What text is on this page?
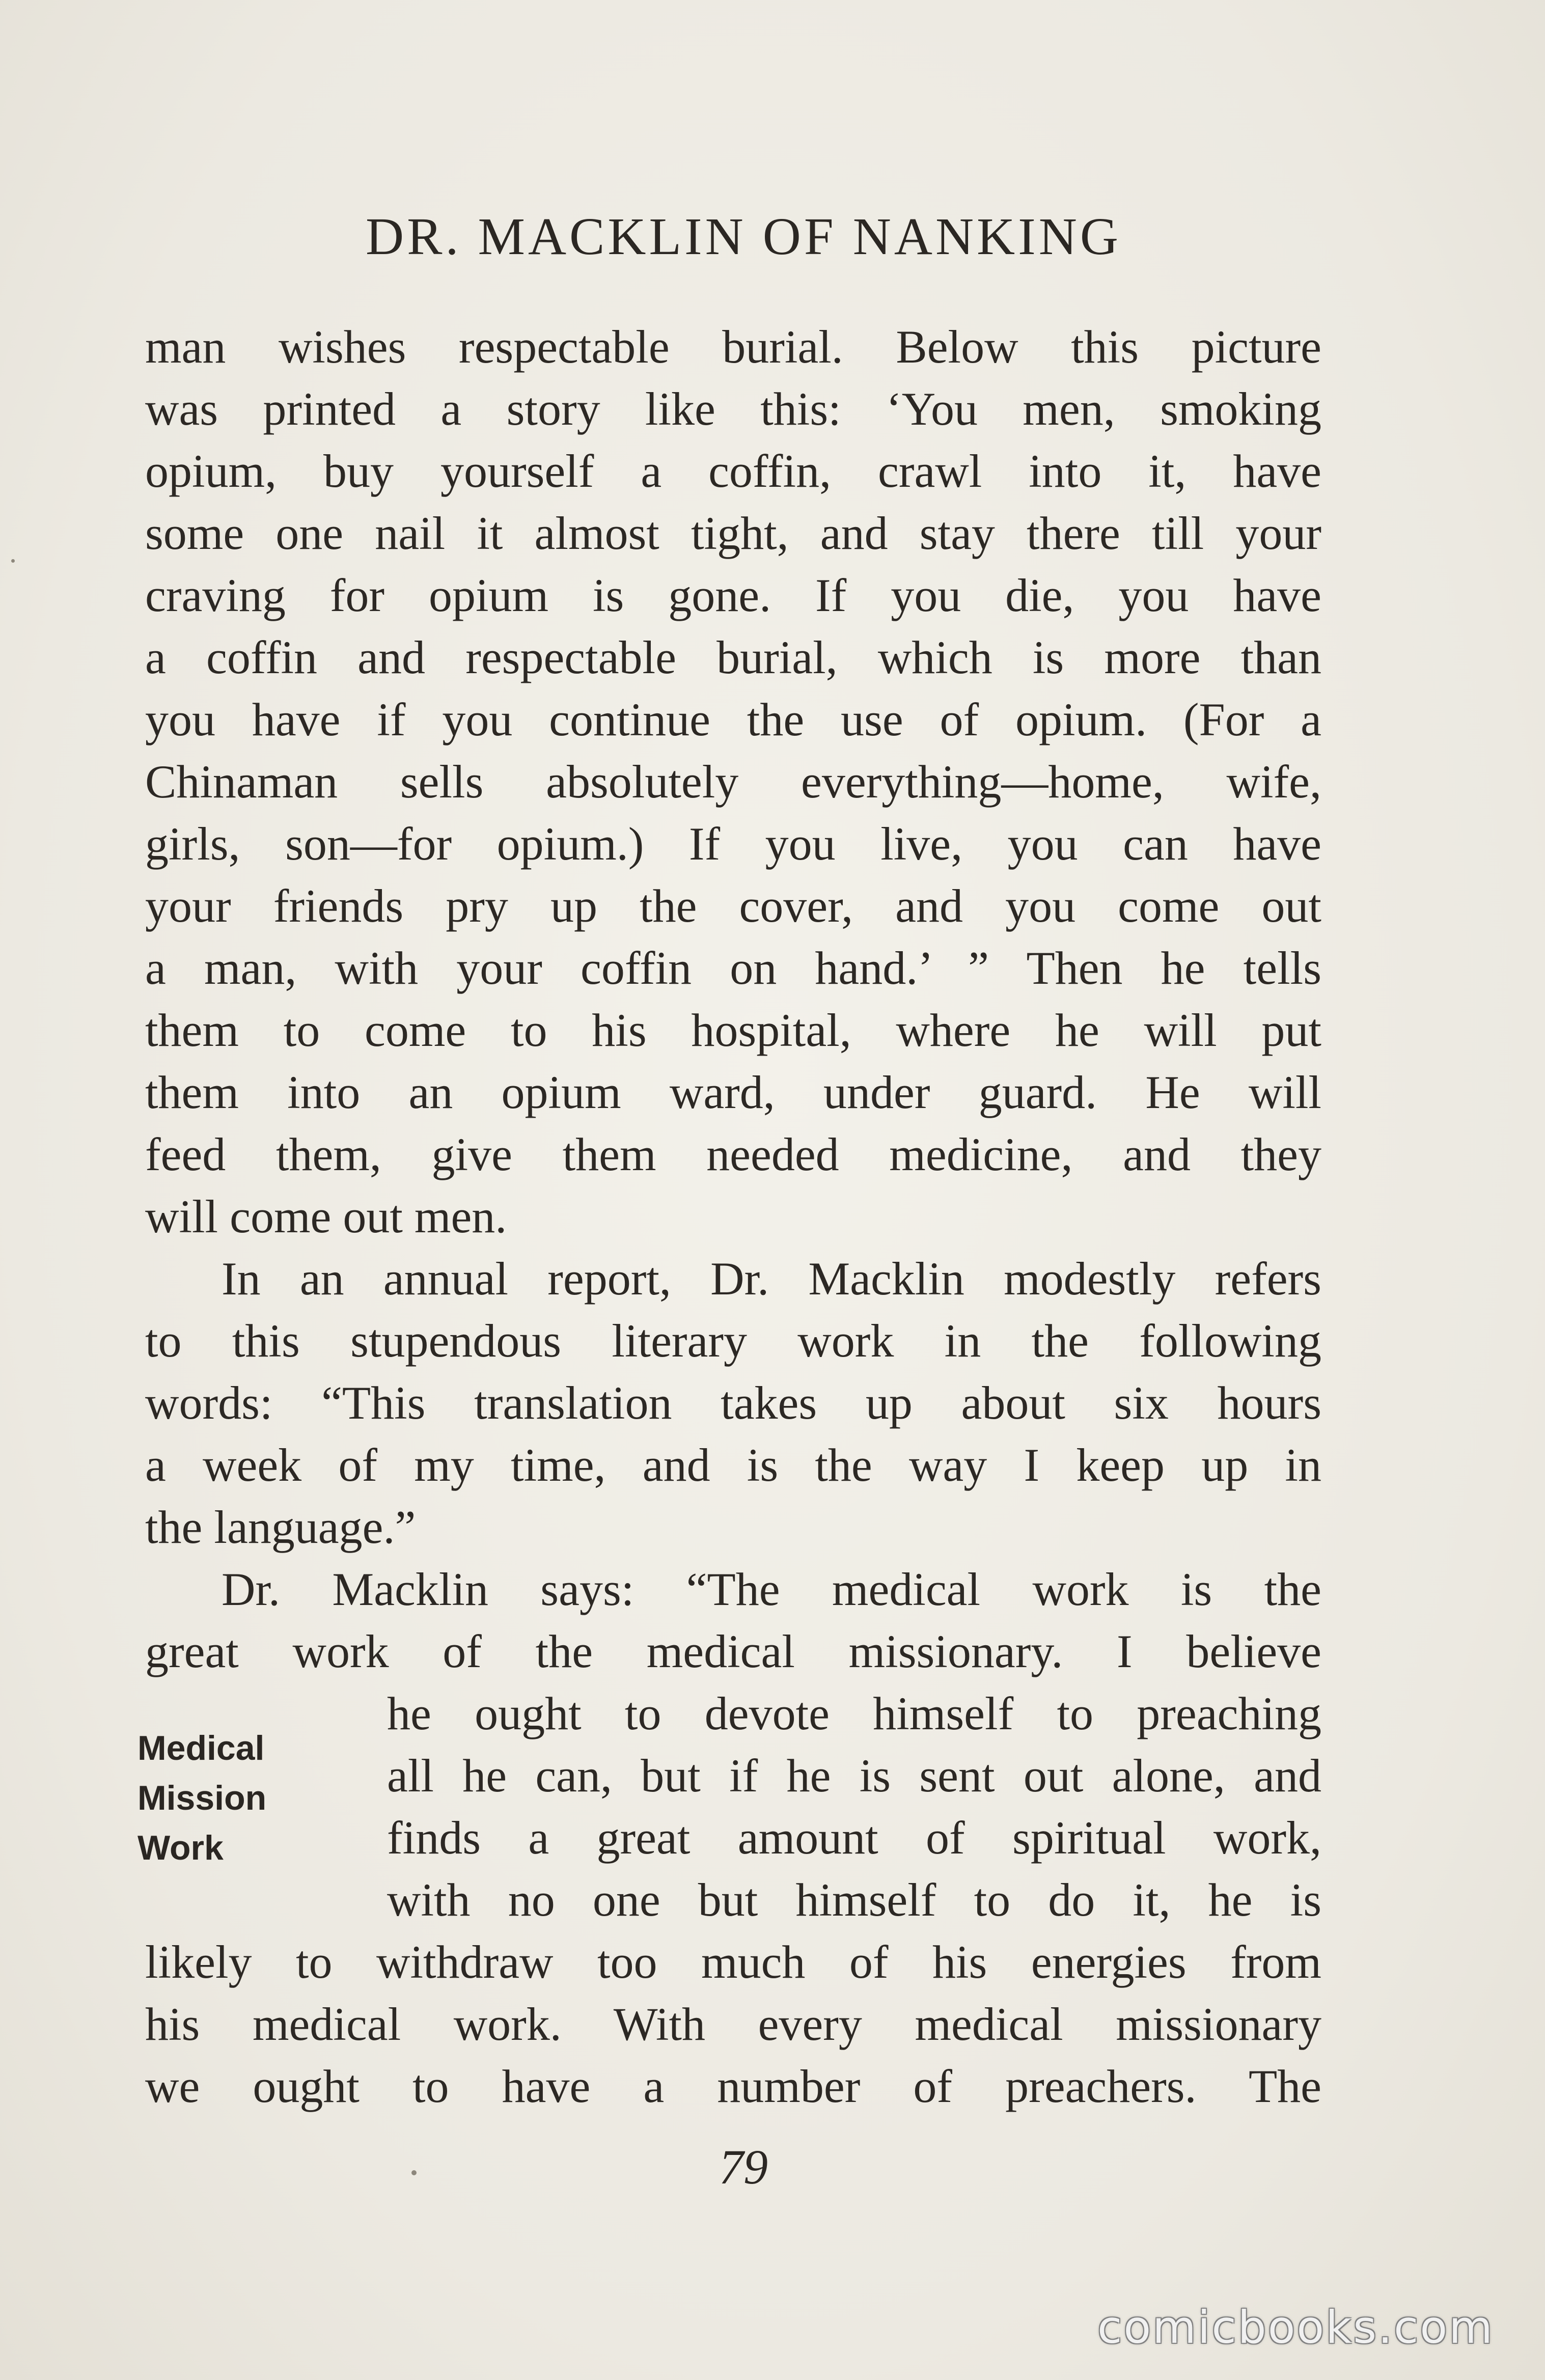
DR. MACKLIN OF NANKING
man wishes respectable burial. Below this picture
was printed a story like this: ‘You men, smoking
opium, buy yourself a coffin, crawl into it, have
some one nail it almost tight, and stay there till your
craving for opium is gone. If you die, you have
a coffin and respectable burial, which is more than
you have if you continue the use of opium. (For a
Chinaman sells absolutely everything—home, wife,
girls, son—for opium.) If you live, you can have
your friends pry up the cover, and you come out
a man, with your coffin on hand.’ ” Then he tells
them to come to his hospital, where he will put
them into an opium ward, under guard. He will
feed them, give them needed medicine, and they
will come out men.
In an annual report, Dr. Macklin modestly refers
to this stupendous literary work in the following
words: “This translation takes up about six hours
a week of my time, and is the way I keep up in
the language.”
Dr. Macklin says: “The medical work is the
great work of the medical missionary. I believe
Medical
Mission
Work
he ought to devote himself to preaching
all he can, but if he is sent out alone, and
finds a great amount of spiritual work,
with no one but himself to do it, he is
likely to withdraw too much of his energies from
his medical work. With every medical missionary
we ought to have a number of preachers. The
79
comicbooks.com
